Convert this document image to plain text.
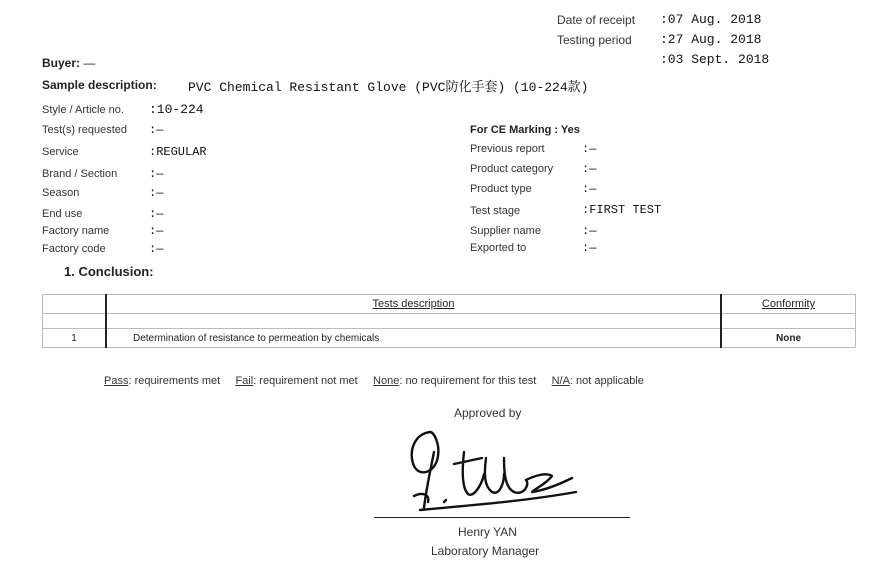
Date of receipt :07 Aug. 2018
Testing period :27 Aug. 2018
:03 Sept. 2018
Buyer: —
Sample description: PVC Chemical Resistant Glove (PVC防化手套) (10-224款)
Style / Article no. :10-224
Test(s) requested :—
Service	:REGULAR
Brand / Section	:—
Season	:—
End use	:—
Factory name	:—
Factory code	:—
For CE Marking : Yes
Previous report	:—
Product category :—
Product type	:—
Test stage	:FIRST TEST
Supplier name	:—
Exported to	:—
1. Conclusion:
	Tests description	Conformity

1	Determination of resistance to permeation by chemicals	None
Pass: requirements met Fail: requirement not met None: no requirement for this test N/A: not applicable
Approved by
Henry YAN
Laboratory Manager
